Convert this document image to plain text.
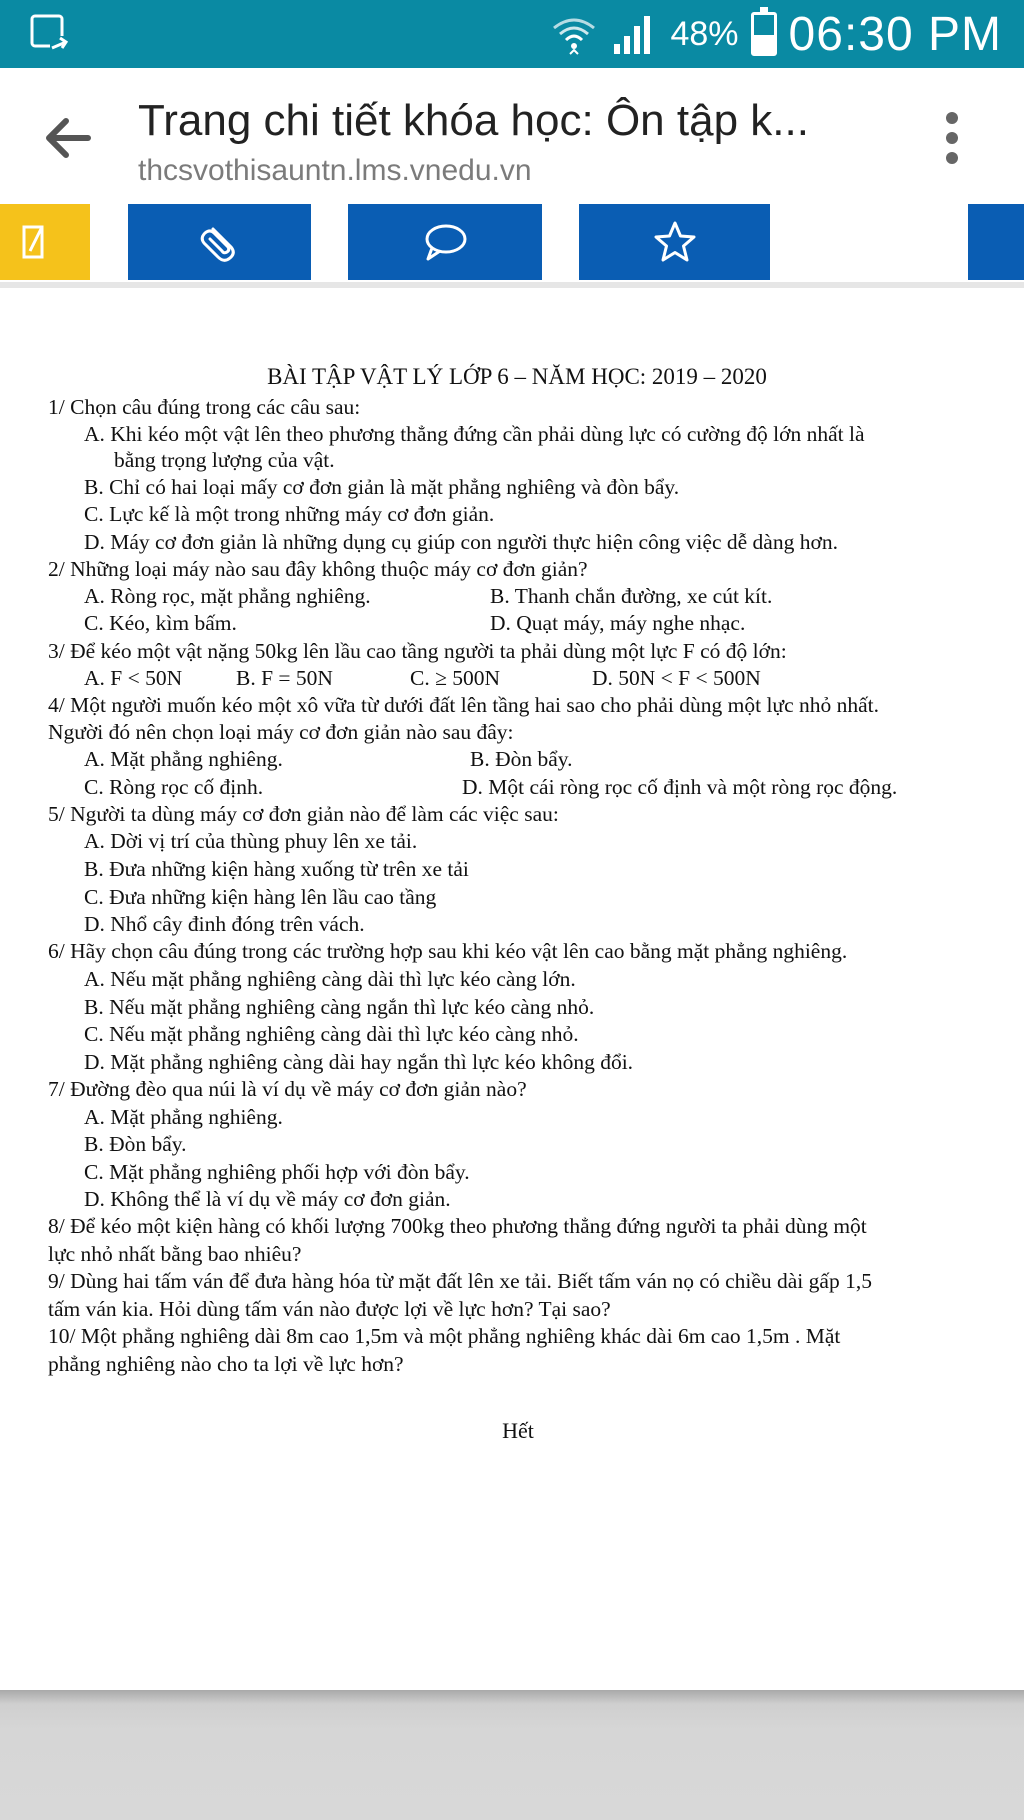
48% 06:30 PM
Trang chi tiết khóa học: Ôn tập k...
thcsvothisauntn.lms.vnedu.vn
BÀI TẬP VẬT LÝ LỚP 6 – NĂM HỌC: 2019 – 2020
1/ Chọn câu đúng trong các câu sau:
A. Khi kéo một vật lên theo phương thẳng đứng cần phải dùng lực có cường độ lớn nhất là
bằng trọng lượng của vật.
B. Chỉ có hai loại mấy cơ đơn giản là mặt phẳng nghiêng và đòn bẩy.
C. Lực kế là một trong những máy cơ đơn giản.
D. Máy cơ đơn giản là những dụng cụ giúp con người thực hiện công việc dễ dàng hơn.
2/ Những loại máy nào sau đây không thuộc máy cơ đơn giản?
A. Ròng rọc, mặt phẳng nghiêng.	B. Thanh chắn đường, xe cút kít.
C. Kéo, kìm bấm.	D. Quạt máy, máy nghe nhạc.
3/ Để kéo một vật nặng 50kg lên lầu cao tầng người ta phải dùng một lực F có độ lớn:
A. F < 50N	B. F = 50N	C. ≥ 500N	D. 50N < F < 500N
4/ Một người muốn kéo một xô vữa từ dưới đất lên tầng hai sao cho phải dùng một lực nhỏ nhất.
Người đó nên chọn loại máy cơ đơn giản nào sau đây:
A. Mặt phẳng nghiêng.	B. Đòn bẩy.
C. Ròng rọc cố định.	D. Một cái ròng rọc cố định và một ròng rọc động.
5/ Người ta dùng máy cơ đơn giản nào để làm các việc sau:
A. Dời vị trí của thùng phuy lên xe tải.
B. Đưa những kiện hàng xuống từ trên xe tải
C. Đưa những kiện hàng lên lầu cao tầng
D. Nhổ cây đinh đóng trên vách.
6/ Hãy chọn câu đúng trong các trường hợp sau khi kéo vật lên cao bằng mặt phẳng nghiêng.
A. Nếu mặt phẳng nghiêng càng dài thì lực kéo càng lớn.
B. Nếu mặt phẳng nghiêng càng ngắn thì lực kéo càng nhỏ.
C. Nếu mặt phẳng nghiêng càng dài thì lực kéo càng nhỏ.
D. Mặt phẳng nghiêng càng dài hay ngắn thì lực kéo không đổi.
7/ Đường đèo qua núi là ví dụ về máy cơ đơn giản nào?
A. Mặt phẳng nghiêng.
B. Đòn bẩy.
C. Mặt phẳng nghiêng phối hợp với đòn bẩy.
D. Không thể là ví dụ về máy cơ đơn giản.
8/ Để kéo một kiện hàng có khối lượng 700kg theo phương thẳng đứng người ta phải dùng một
lực nhỏ nhất bằng bao nhiêu?
9/ Dùng hai tấm ván để đưa hàng hóa từ mặt đất lên xe tải. Biết tấm ván nọ có chiều dài gấp 1,5
tấm ván kia. Hỏi dùng tấm ván nào được lợi về lực hơn? Tại sao?
10/ Một phẳng nghiêng dài 8m cao 1,5m và một phẳng nghiêng khác dài 6m cao 1,5m . Mặt
phẳng nghiêng nào cho ta lợi về lực hơn?
Hết
